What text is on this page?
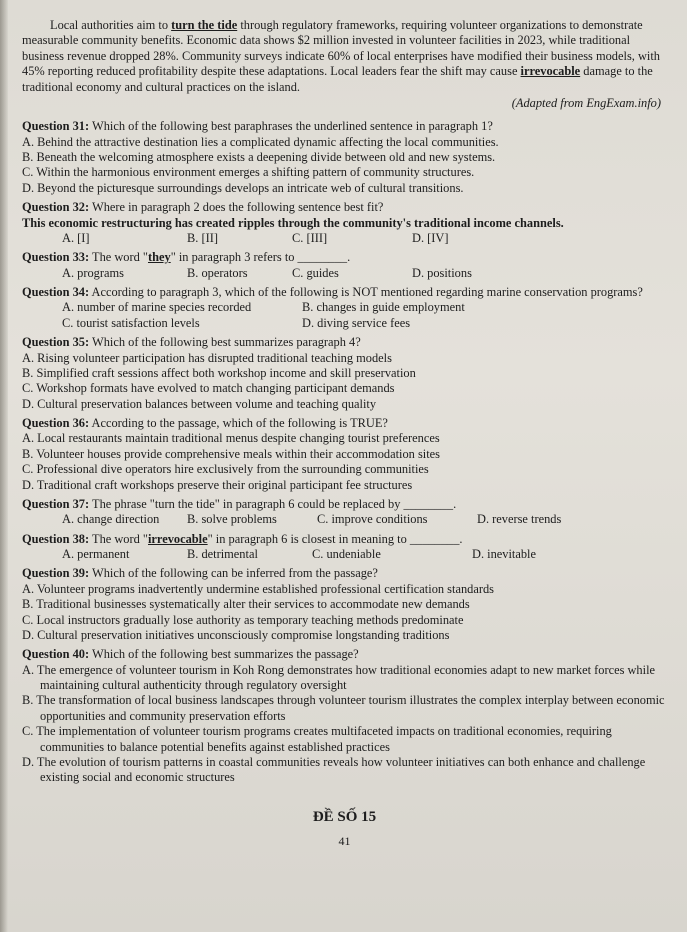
Local authorities aim to turn the tide through regulatory frameworks, requiring volunteer organizations to demonstrate measurable community benefits. Economic data shows $2 million invested in volunteer facilities in 2023, while traditional business revenue dropped 28%. Community surveys indicate 60% of local enterprises have modified their business models, with 45% reporting reduced profitability despite these adaptations. Local leaders fear the shift may cause irrevocable damage to the traditional economy and cultural practices on the island.

(Adapted from EngExam.info)

Question 31: Which of the following best paraphrases the underlined sentence in paragraph 1?

A. Behind the attractive destination lies a complicated dynamic affecting the local communities.

B. Beneath the welcoming atmosphere exists a deepening divide between old and new systems.

C. Within the harmonious environment emerges a shifting pattern of community structures.

D. Beyond the picturesque surroundings develops an intricate web of cultural transitions.

Question 32: Where in paragraph 2 does the following sentence best fit?

This economic restructuring has created ripples through the community's traditional income channels.

A. [I]	B. [II]	C. [III]	D. [IV]

Question 33: The word "they" in paragraph 3 refers to ________.

A. programs	B. operators	C. guides	D. positions

Question 34: According to paragraph 3, which of the following is NOT mentioned regarding marine conservation programs?

A. number of marine species recorded	B. changes in guide employment
C. tourist satisfaction levels	D. diving service fees

Question 35: Which of the following best summarizes paragraph 4?

A. Rising volunteer participation has disrupted traditional teaching models

B. Simplified craft sessions affect both workshop income and skill preservation

C. Workshop formats have evolved to match changing participant demands

D. Cultural preservation balances between volume and teaching quality

Question 36: According to the passage, which of the following is TRUE?

A. Local restaurants maintain traditional menus despite changing tourist preferences

B. Volunteer houses provide comprehensive meals within their accommodation sites

C. Professional dive operators hire exclusively from the surrounding communities

D. Traditional craft workshops preserve their original participant fee structures

Question 37: The phrase "turn the tide" in paragraph 6 could be replaced by ________.

A. change direction	B. solve problems	C. improve conditions	D. reverse trends

Question 38: The word "irrevocable" in paragraph 6 is closest in meaning to ________.

A. permanent	B. detrimental	C. undeniable	D. inevitable

Question 39: Which of the following can be inferred from the passage?

A. Volunteer programs inadvertently undermine established professional certification standards

B. Traditional businesses systematically alter their services to accommodate new demands

C. Local instructors gradually lose authority as temporary teaching methods predominate

D. Cultural preservation initiatives unconsciously compromise longstanding traditions

Question 40: Which of the following best summarizes the passage?

A. The emergence of volunteer tourism in Koh Rong demonstrates how traditional economies adapt to new market forces while maintaining cultural authenticity through regulatory oversight

B. The transformation of local business landscapes through volunteer tourism illustrates the complex interplay between economic opportunities and community preservation efforts

C. The implementation of volunteer tourism programs creates multifaceted impacts on traditional economies, requiring communities to balance potential benefits against established practices

D. The evolution of tourism patterns in coastal communities reveals how volunteer initiatives can both enhance and challenge existing social and economic structures

ĐỀ SỐ 15

41
